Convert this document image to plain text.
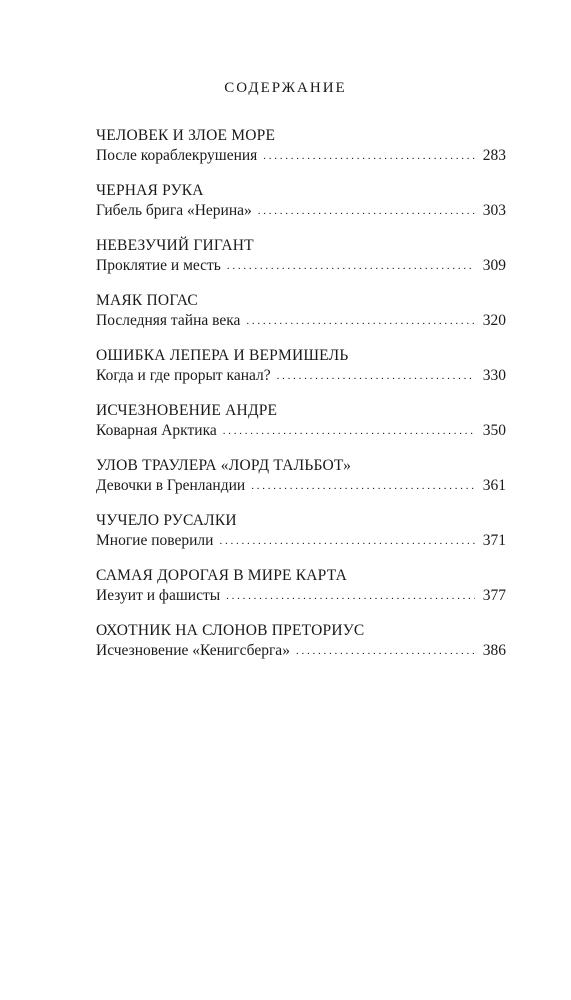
СОДЕРЖАНИЕ
ЧЕЛОВЕК И ЗЛОЕ МОРЕ
После кораблекрушения . . .	283
ЧЕРНАЯ РУКА
Гибель брига «Нерина» . . .	303
НЕВЕЗУЧИЙ ГИГАНТ
Проклятие и месть . . .	309
МАЯК ПОГАС
Последняя тайна века . . .	320
ОШИБКА ЛЕПЕРА И ВЕРМИШЕЛЬ
Когда и где прорыт канал? . . .	330
ИСЧЕЗНОВЕНИЕ АНДРЕ
Коварная Арктика . . .	350
УЛОВ ТРАУЛЕРА «ЛОРД ТАЛЬБОТ»
Девочки в Гренландии . . .	361
ЧУЧЕЛО РУСАЛКИ
Многие поверили . . .	371
САМАЯ ДОРОГАЯ В МИРЕ КАРТА
Иезуит и фашисты . . .	377
ОХОТНИК НА СЛОНОВ ПРЕТОРИУС
Исчезновение «Кенигсберга» . . .	386
